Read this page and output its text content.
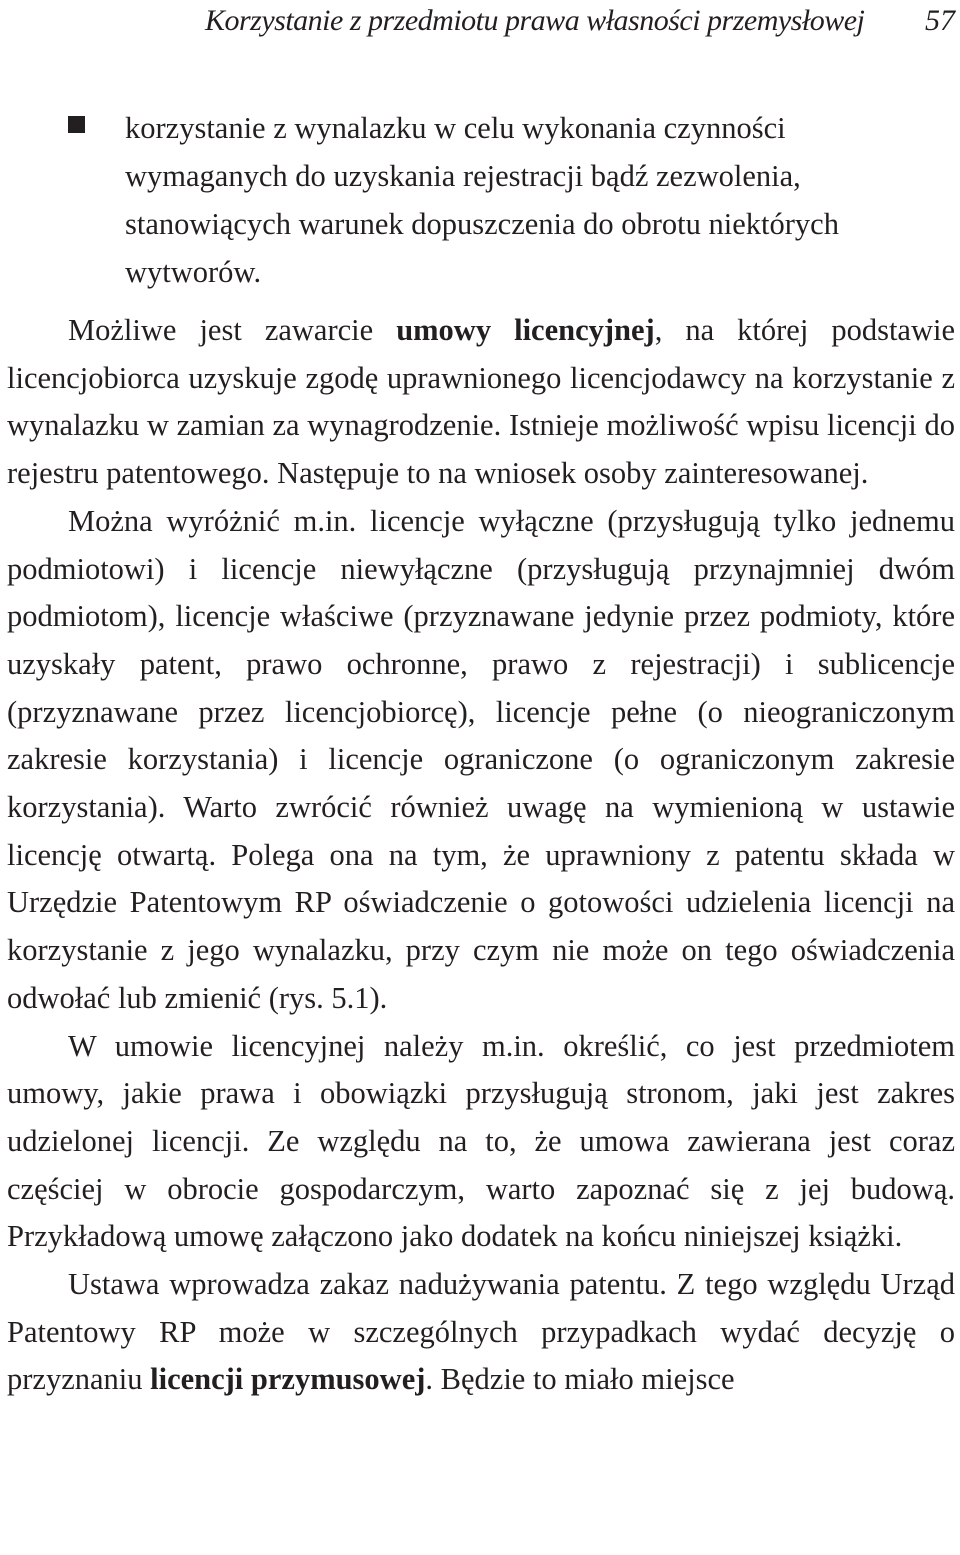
Korzystanie z przedmiotu prawa własności przemysłowej 57
korzystanie z wynalazku w celu wykonania czynności wymaganych do uzyskania rejestracji bądź zezwolenia, stanowiących warunek dopuszczenia do obrotu niektórych wytworów.

Możliwe jest zawarcie umowy licencyjnej, na której podstawie licencjobiorca uzyskuje zgodę uprawnionego licencjodawcy na korzystanie z wynalazku w zamian za wynagrodzenie. Istnieje możliwość wpisu licencji do rejestru patentowego. Następuje to na wniosek osoby zainteresowanej.

Można wyróżnić m.in. licencje wyłączne (przysługują tylko jednemu podmiotowi) i licencje niewyłączne (przysługują przynajmniej dwóm podmiotom), licencje właściwe (przyznawane jedynie przez podmioty, które uzyskały patent, prawo ochronne, prawo z rejestracji) i sublicencje (przyznawane przez licencjobiorcę), licencje pełne (o nieograniczonym zakresie korzystania) i licencje ograniczone (o ograniczonym zakresie korzystania). Warto zwrócić również uwagę na wymienioną w ustawie licencję otwartą. Polega ona na tym, że uprawniony z patentu składa w Urzędzie Patentowym RP oświadczenie o gotowości udzielenia licencji na korzystanie z jego wynalazku, przy czym nie może on tego oświadczenia odwołać lub zmienić (rys. 5.1).

W umowie licencyjnej należy m.in. określić, co jest przedmiotem umowy, jakie prawa i obowiązki przysługują stronom, jaki jest zakres udzielonej licencji. Ze względu na to, że umowa zawierana jest coraz częściej w obrocie gospodarczym, warto zapoznać się z jej budową. Przykładową umowę załączono jako dodatek na końcu niniejszej książki.

Ustawa wprowadza zakaz nadużywania patentu. Z tego względu Urząd Patentowy RP może w szczególnych przypadkach wydać decyzję o przyznaniu licencji przymusowej. Będzie to miało miejsce
